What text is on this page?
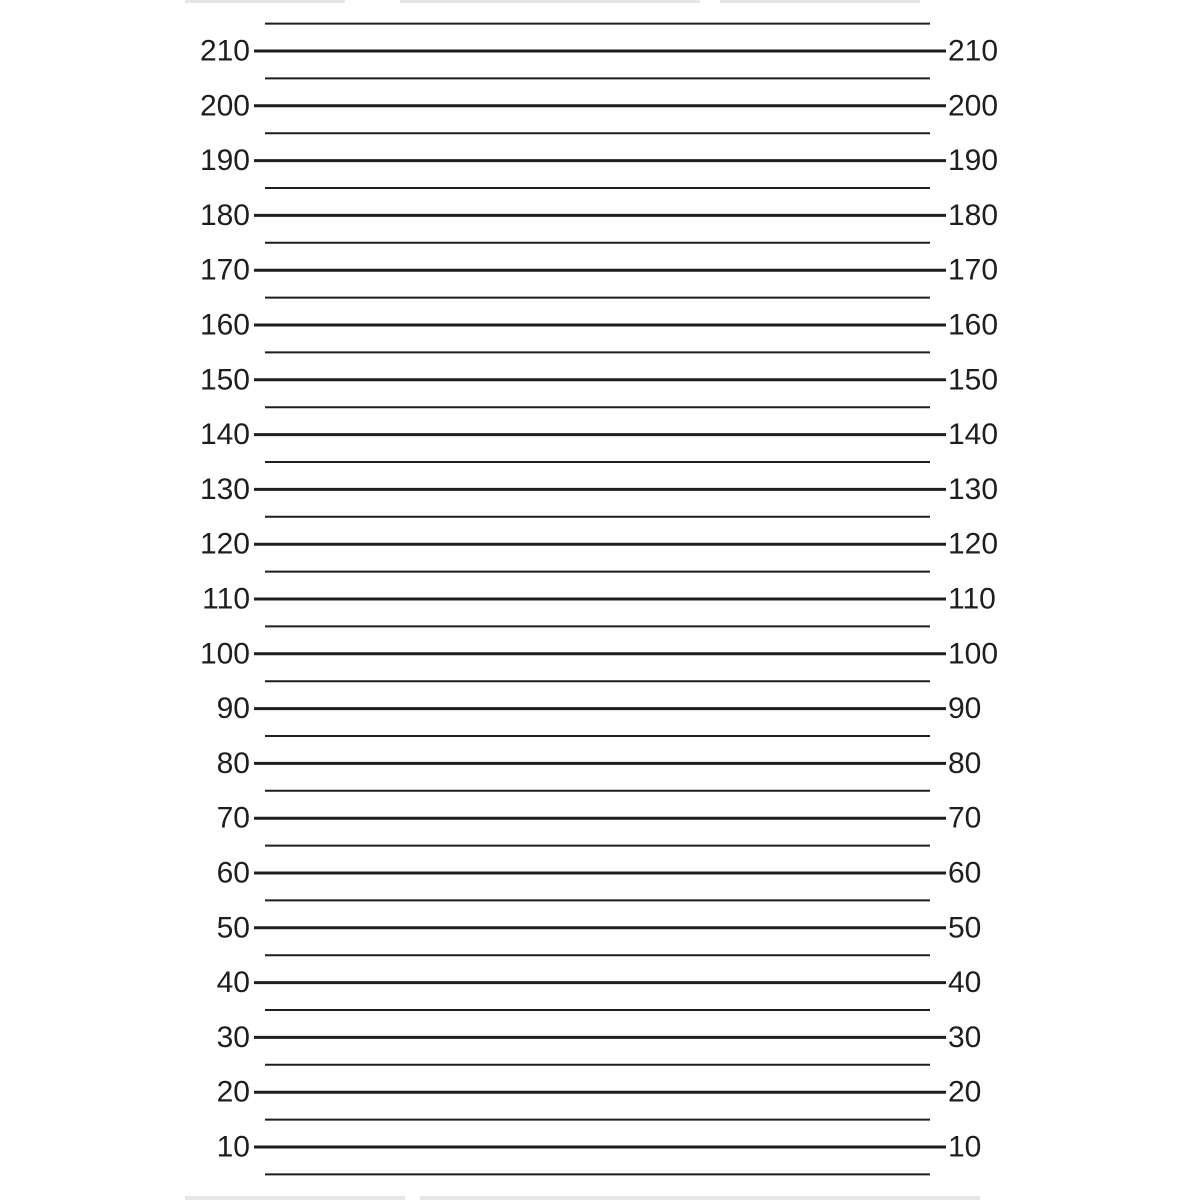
210
200
190
180
170
160
150
140
130
120
110
100
90
80
70
60
50
40
30
20
10
210
200
190
180
170
160
150
140
130
120
110
100
90
80
70
60
50
40
30
20
10
